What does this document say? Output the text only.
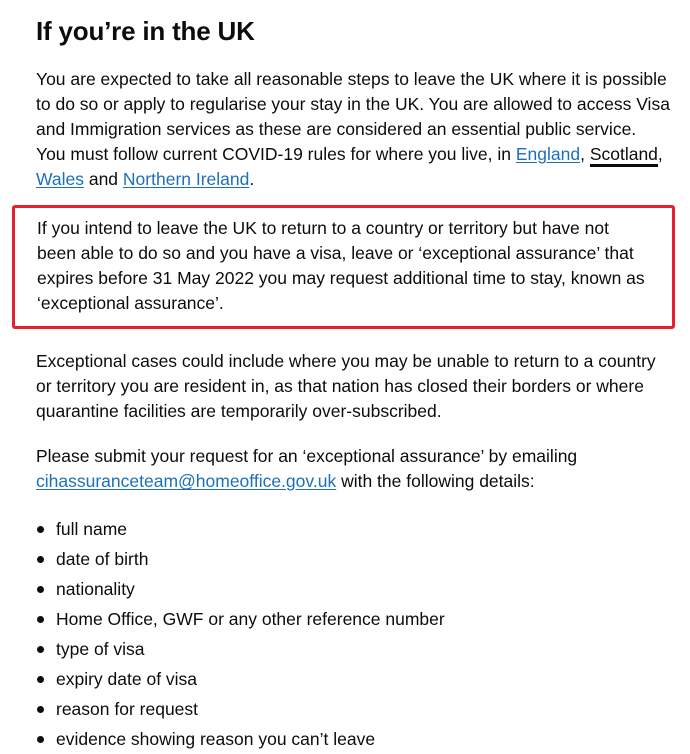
If you’re in the UK

You are expected to take all reasonable steps to leave the UK where it is possible to do so or apply to regularise your stay in the UK. You are allowed to access Visa and Immigration services as these are considered an essential public service. You must follow current COVID-19 rules for where you live, in England, Scotland, Wales and Northern Ireland.

If you intend to leave the UK to return to a country or territory but have not been able to do so and you have a visa, leave or ‘exceptional assurance’ that expires before 31 May 2022 you may request additional time to stay, known as ‘exceptional assurance’.

Exceptional cases could include where you may be unable to return to a country or territory you are resident in, as that nation has closed their borders or where quarantine facilities are temporarily over-subscribed.

Please submit your request for an ‘exceptional assurance’ by emailing cihassuranceteam@homeoffice.gov.uk with the following details:

full name
date of birth
nationality
Home Office, GWF or any other reference number
type of visa
expiry date of visa
reason for request
evidence showing reason you can’t leave
